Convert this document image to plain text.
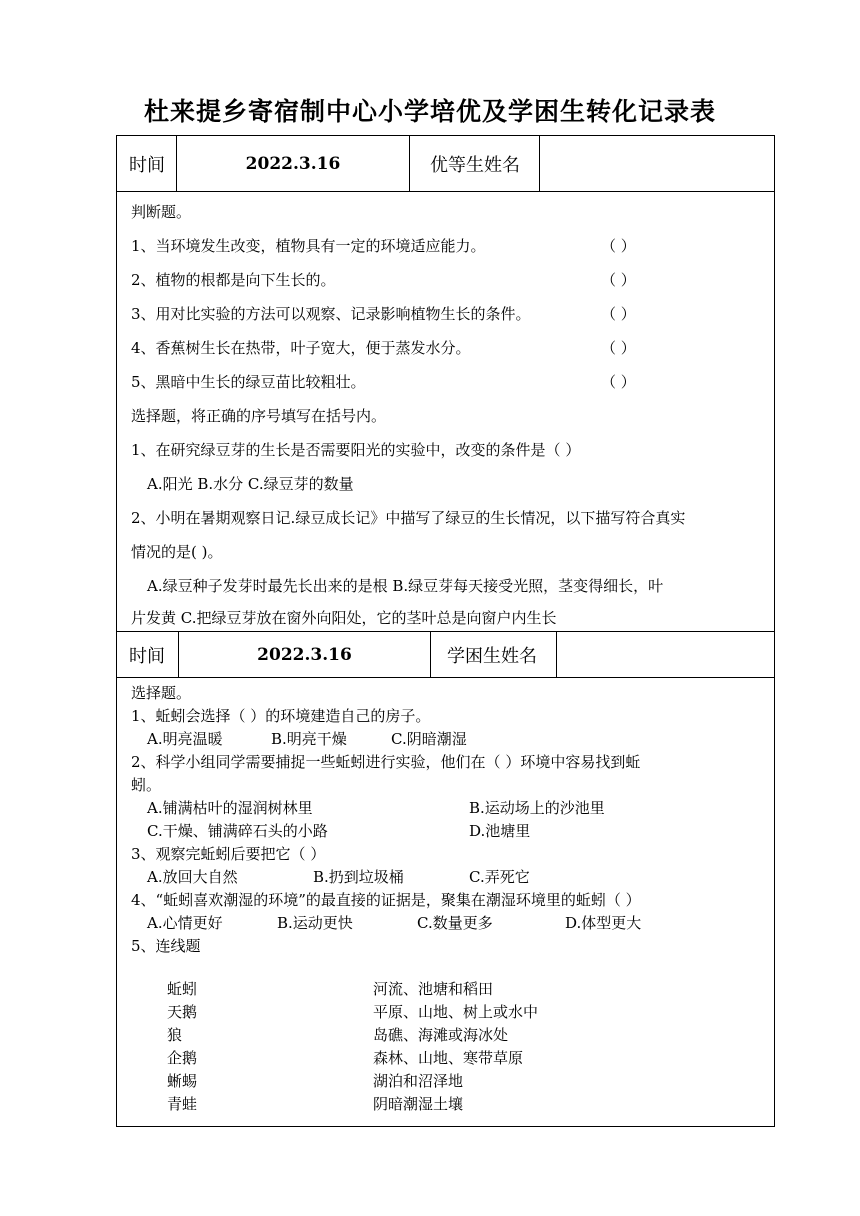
杜来提乡寄宿制中心小学培优及学困生转化记录表
时间	2022.3.16	优等生姓名
判断题。
1、当环境发生改变，植物具有一定的环境适应能力。	（ ）
2、植物的根都是向下生长的。	（ ）
3、用对比实验的方法可以观察、记录影响植物生长的条件。	（ ）
4、香蕉树生长在热带，叶子宽大，便于蒸发水分。	（ ）
5、黑暗中生长的绿豆苗比较粗壮。	（ ）
选择题，将正确的序号填写在括号内。
1、在研究绿豆芽的生长是否需要阳光的实验中，改变的条件是（ ）
A.阳光 B.水分 C.绿豆芽的数量
2、小明在暑期观察日记.绿豆成长记》中描写了绿豆的生长情况，以下描写符合真实
情况的是( )。
A.绿豆种子发芽时最先长出来的是根 B.绿豆芽每天接受光照，茎变得细长，叶
片发黄 C.把绿豆芽放在窗外向阳处，它的茎叶总是向窗户内生长
时间	2022.3.16	学困生姓名
选择题。
1、蚯蚓会选择（ ）的环境建造自己的房子。
A.明亮温暖	B.明亮干燥	C.阴暗潮湿
2、科学小组同学需要捕捉一些蚯蚓进行实验，他们在（ ）环境中容易找到蚯
蚓。
A.铺满枯叶的湿润树林里	B.运动场上的沙池里
C.干燥、铺满碎石头的小路	D.池塘里
3、观察完蚯蚓后要把它（ ）
A.放回大自然	B.扔到垃圾桶	C.弄死它
4、“蚯蚓喜欢潮湿的环境”的最直接的证据是，聚集在潮湿环境里的蚯蚓（ ）
A.心情更好	B.运动更快	C.数量更多	D.体型更大
5、连线题
蚯蚓	河流、池塘和稻田
天鹅	平原、山地、树上或水中
狼	岛礁、海滩或海冰处
企鹅	森林、山地、寒带草原
蜥蜴	湖泊和沼泽地
青蛙	阴暗潮湿土壤
